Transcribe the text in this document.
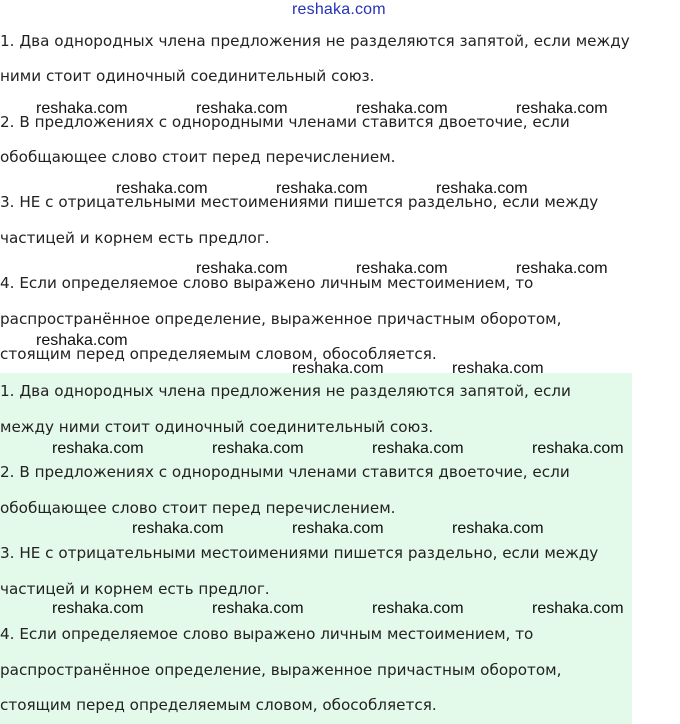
reshaka.com
1. Два однородных члена предложения не разделяются запятой, если между
ними стоит одиночный соединительный союз.
2. В предложениях с однородными членами ставится двоеточие, если
обобщающее слово стоит перед перечислением.
3. НЕ с отрицательными местоимениями пишется раздельно, если между
частицей и корнем есть предлог.
4. Если определяемое слово выражено личным местоимением, то
распространённое определение, выраженное причастным оборотом,
стоящим перед определяемым словом, обособляется.
1. Два однородных члена предложения не разделяются запятой, если
между ними стоит одиночный соединительный союз.
2. В предложениях с однородными членами ставится двоеточие, если
обобщающее слово стоит перед перечислением.
3. НЕ с отрицательными местоимениями пишется раздельно, если между
частицей и корнем есть предлог.
4. Если определяемое слово выражено личным местоимением, то
распространённое определение, выраженное причастным оборотом,
стоящим перед определяемым словом, обособляется.
reshaka.com	reshaka.com	reshaka.com	reshaka.com
reshaka.com	reshaka.com	reshaka.com
reshaka.com	reshaka.com	reshaka.com
reshaka.com
reshaka.com	reshaka.com
reshaka.com	reshaka.com	reshaka.com	reshaka.com
reshaka.com	reshaka.com	reshaka.com
reshaka.com	reshaka.com	reshaka.com	reshaka.com
